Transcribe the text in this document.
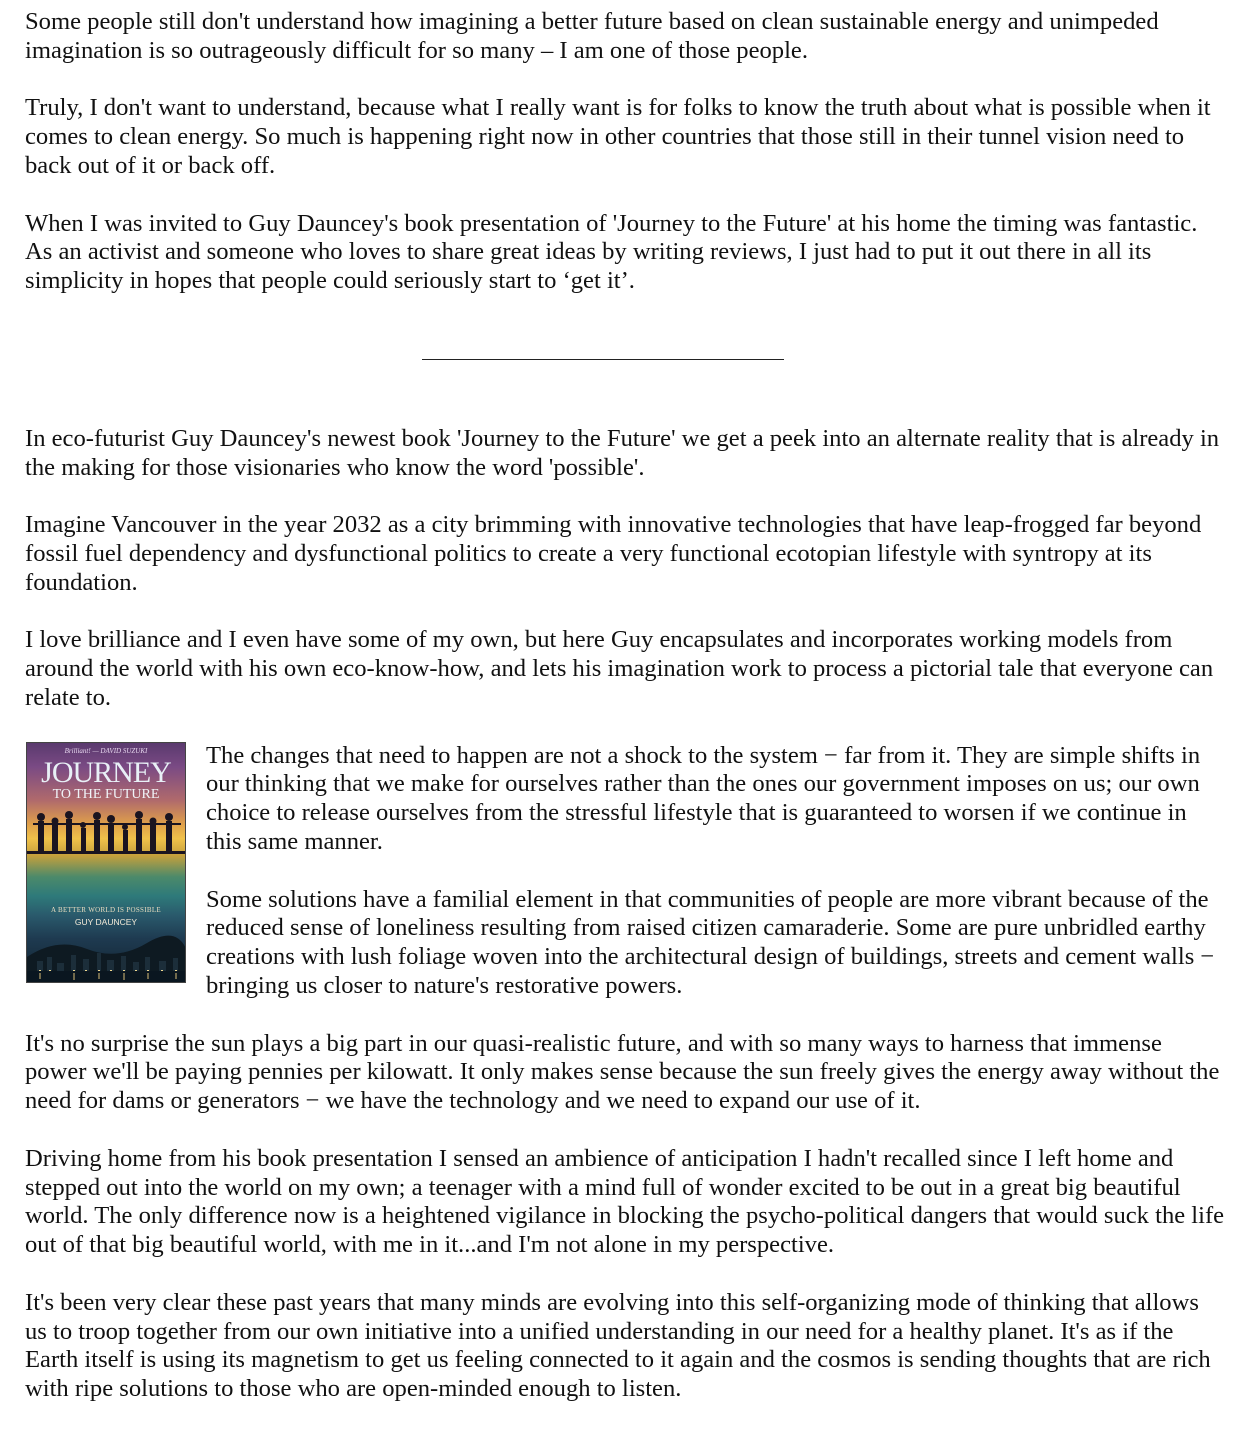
Some people still don't understand how imagining a better future based on clean sustainable energy and unimpeded imagination is so outrageously difficult for so many – I am one of those people.

Truly, I don't want to understand, because what I really want is for folks to know the truth about what is possible when it comes to clean energy. So much is happening right now in other countries that those still in their tunnel vision need to back out of it or back off.

When I was invited to Guy Dauncey's book presentation of 'Journey to the Future' at his home the timing was fantastic. As an activist and someone who loves to share great ideas by writing reviews, I just had to put it out there in all its simplicity in hopes that people could seriously start to ‘get it’.

In eco-futurist Guy Dauncey's newest book 'Journey to the Future' we get a peek into an alternate reality that is already in the making for those visionaries who know the word 'possible'.

Imagine Vancouver in the year 2032 as a city brimming with innovative technologies that have leap-frogged far beyond fossil fuel dependency and dysfunctional politics to create a very functional ecotopian lifestyle with syntropy at its foundation.

I love brilliance and I even have some of my own, but here Guy encapsulates and incorporates working models from around the world with his own eco-know-how, and lets his imagination work to process a pictorial tale that everyone can relate to.

Brilliant! — DAVID SUZUKI
JOURNEY
TO THE FUTURE
A BETTER WORLD IS POSSIBLE
GUY DAUNCEY

The changes that need to happen are not a shock to the system − far from it. They are simple shifts in our thinking that we make for ourselves rather than the ones our government imposes on us; our own choice to release ourselves from the stressful lifestyle that is guaranteed to worsen if we continue in this same manner.

Some solutions have a familial element in that communities of people are more vibrant because of the reduced sense of loneliness resulting from raised citizen camaraderie. Some are pure unbridled earthy creations with lush foliage woven into the architectural design of buildings, streets and cement walls − bringing us closer to nature's restorative powers.

It's no surprise the sun plays a big part in our quasi-realistic future, and with so many ways to harness that immense power we'll be paying pennies per kilowatt. It only makes sense because the sun freely gives the energy away without the need for dams or generators − we have the technology and we need to expand our use of it.

Driving home from his book presentation I sensed an ambience of anticipation I hadn't recalled since I left home and stepped out into the world on my own; a teenager with a mind full of wonder excited to be out in a great big beautiful world. The only difference now is a heightened vigilance in blocking the psycho-political dangers that would suck the life out of that big beautiful world, with me in it...and I'm not alone in my perspective.

It's been very clear these past years that many minds are evolving into this self-organizing mode of thinking that allows us to troop together from our own initiative into a unified understanding in our need for a healthy planet. It's as if the Earth itself is using its magnetism to get us feeling connected to it again and the cosmos is sending thoughts that are rich with ripe solutions to those who are open-minded enough to listen.
